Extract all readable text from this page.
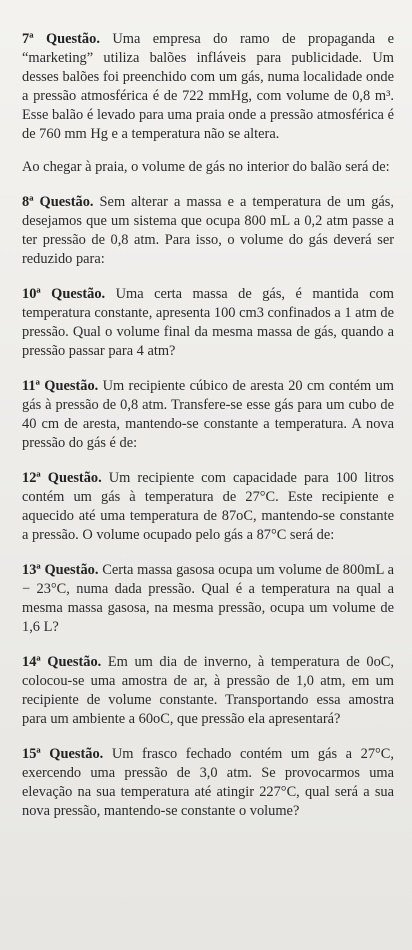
7ª Questão. Uma empresa do ramo de propaganda e “marketing” utiliza balões infláveis para publicidade. Um desses balões foi preenchido com um gás, numa localidade onde a pressão atmosférica é de 722 mmHg, com volume de 0,8 m³. Esse balão é levado para uma praia onde a pressão atmosférica é de 760 mm Hg e a temperatura não se altera.

Ao chegar à praia, o volume de gás no interior do balão será de:

8ª Questão. Sem alterar a massa e a temperatura de um gás, desejamos que um sistema que ocupa 800 mL a 0,2 atm passe a ter pressão de 0,8 atm. Para isso, o volume do gás deverá ser reduzido para:

10ª Questão. Uma certa massa de gás, é mantida com temperatura constante, apresenta 100 cm3 confinados a 1 atm de pressão. Qual o volume final da mesma massa de gás, quando a pressão passar para 4 atm?

11ª Questão. Um recipiente cúbico de aresta 20 cm contém um gás à pressão de 0,8 atm. Transfere-se esse gás para um cubo de 40 cm de aresta, mantendo-se constante a temperatura. A nova pressão do gás é de:

12ª Questão. Um recipiente com capacidade para 100 litros contém um gás à temperatura de 27°C. Este recipiente e aquecido até uma temperatura de 87oC, mantendo-se constante a pressão. O volume ocupado pelo gás a 87°C será de:

13ª Questão. Certa massa gasosa ocupa um volume de 800mL a − 23°C, numa dada pressão. Qual é a temperatura na qual a mesma massa gasosa, na mesma pressão, ocupa um volume de 1,6 L?

14ª Questão. Em um dia de inverno, à temperatura de 0oC, colocou-se uma amostra de ar, à pressão de 1,0 atm, em um recipiente de volume constante. Transportando essa amostra para um ambiente a 60oC, que pressão ela apresentará?

15ª Questão. Um frasco fechado contém um gás a 27°C, exercendo uma pressão de 3,0 atm. Se provocarmos uma elevação na sua temperatura até atingir 227°C, qual será a sua nova pressão, mantendo-se constante o volume?
